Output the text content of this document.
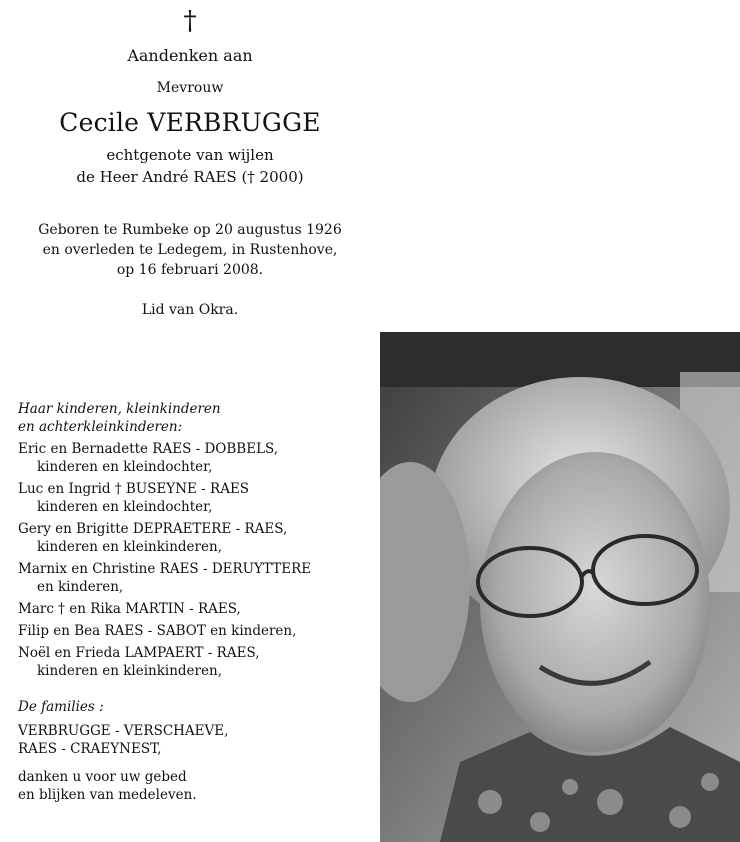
†
Aandenken aan
Mevrouw
Cecile VERBRUGGE
echtgenote van wijlen
de Heer André RAES († 2000)
Geboren te Rumbeke op 20 augustus 1926
en overleden te Ledegem, in Rustenhove,
op 16 februari 2008.
Lid van Okra.
Haar kinderen, kleinkinderen
en achterkleinkinderen:
Eric en Bernadette RAES - DOBBELS,
kinderen en kleindochter,
Luc en Ingrid † BUSEYNE - RAES
kinderen en kleindochter,
Gery en Brigitte DEPRAETERE - RAES,
kinderen en kleinkinderen,
Marnix en Christine RAES - DERUYTTERE
en kinderen,
Marc † en Rika MARTIN - RAES,
Filip en Bea RAES - SABOT en kinderen,
Noël en Frieda LAMPAERT - RAES,
kinderen en kleinkinderen,
De families :
VERBRUGGE - VERSCHAEVE,
RAES - CRAEYNEST,
danken u voor uw gebed
en blijken van medeleven.
